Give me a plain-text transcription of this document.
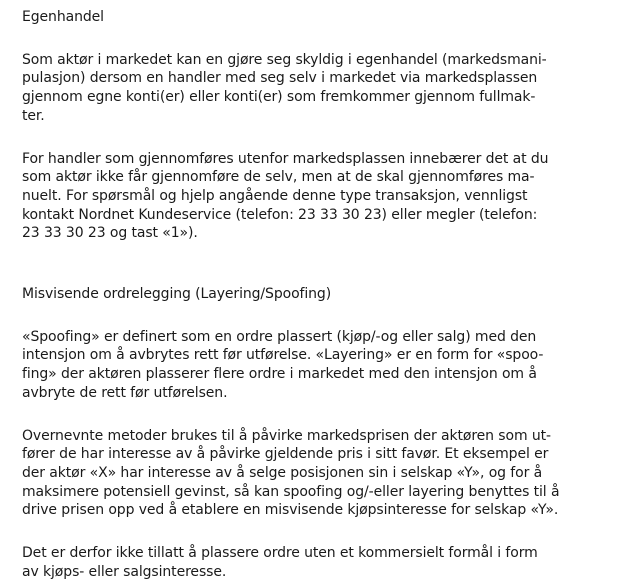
Egenhandel

Som aktør i markedet kan en gjøre seg skyldig i egenhandel (markedsmani-
pulasjon) dersom en handler med seg selv i markedet via markedsplassen
gjennom egne konti(er) eller konti(er) som fremkommer gjennom fullmak-
ter.

For handler som gjennomføres utenfor markedsplassen innebærer det at du
som aktør ikke får gjennomføre de selv, men at de skal gjennomføres ma-
nuelt. For spørsmål og hjelp angående denne type transaksjon, vennligst
kontakt Nordnet Kundeservice (telefon: 23 33 30 23) eller megler (telefon:
23 33 30 23 og tast «1»).

Misvisende ordrelegging (Layering/Spoofing)

«Spoofing» er definert som en ordre plassert (kjøp/-og eller salg) med den
intensjon om å avbrytes rett før utførelse. «Layering» er en form for «spoo-
fing» der aktøren plasserer flere ordre i markedet med den intensjon om å
avbryte de rett før utførelsen.

Overnevnte metoder brukes til å påvirke markedsprisen der aktøren som ut-
fører de har interesse av å påvirke gjeldende pris i sitt favør. Et eksempel er
der aktør «X» har interesse av å selge posisjonen sin i selskap «Y», og for å
maksimere potensiell gevinst, så kan spoofing og/-eller layering benyttes til å
drive prisen opp ved å etablere en misvisende kjøpsinteresse for selskap «Y».

Det er derfor ikke tillatt å plassere ordre uten et kommersielt formål i form
av kjøps- eller salgsinteresse.
